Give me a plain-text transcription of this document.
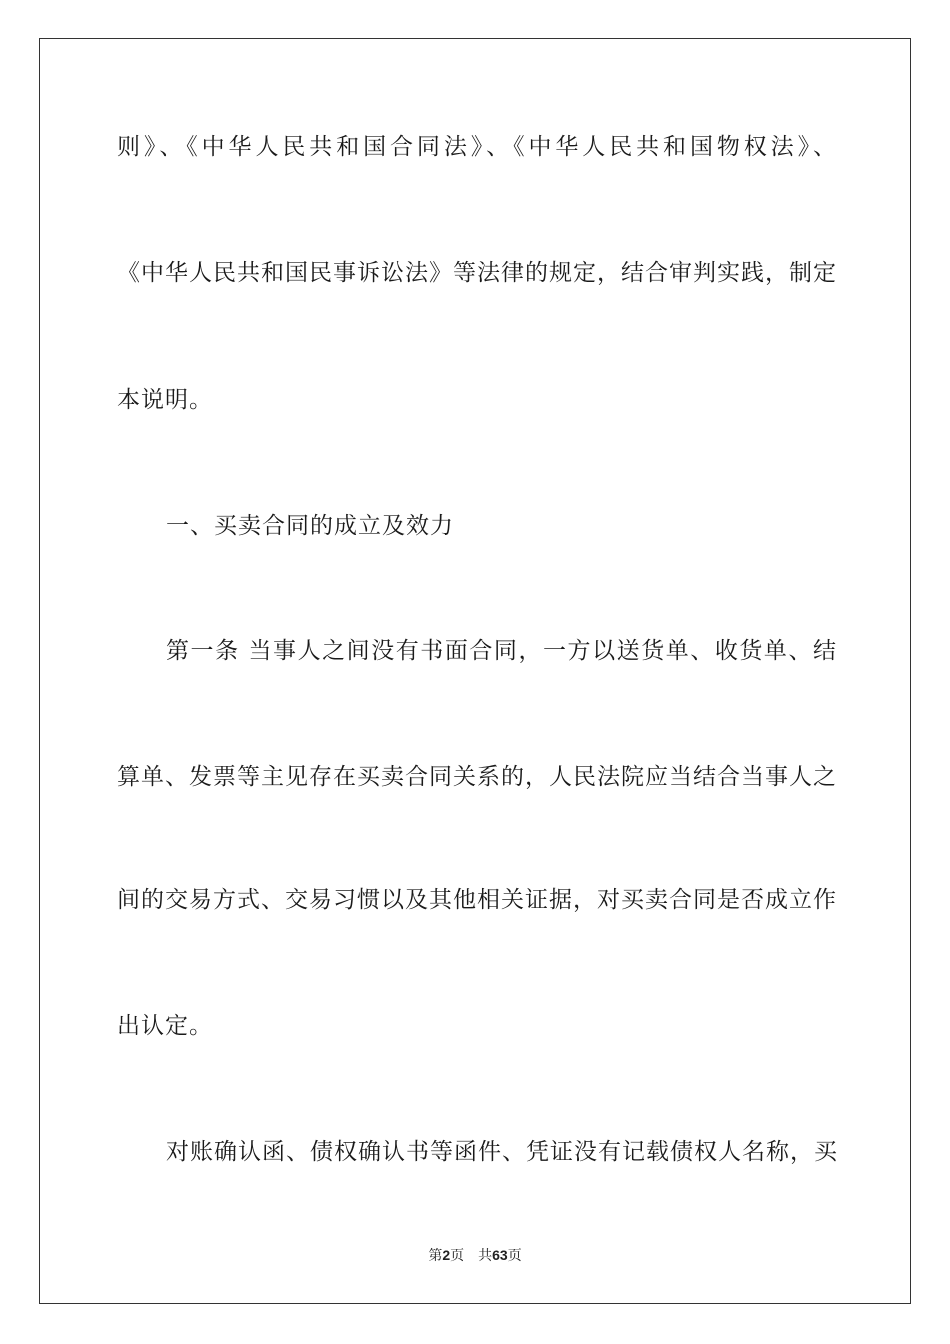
则》、《中华人民共和国合同法》、《中华人民共和国物权法》、
《中华人民共和国民事诉讼法》等法律的规定，结合审判实践，制定
本说明。
一、买卖合同的成立及效力
第一条 当事人之间没有书面合同，一方以送货单、收货单、结
算单、发票等主见存在买卖合同关系的，人民法院应当结合当事人之
间的交易方式、交易习惯以及其他相关证据，对买卖合同是否成立作
出认定。
对账确认函、债权确认书等函件、凭证没有记载债权人名称，买
第2页 共63页
